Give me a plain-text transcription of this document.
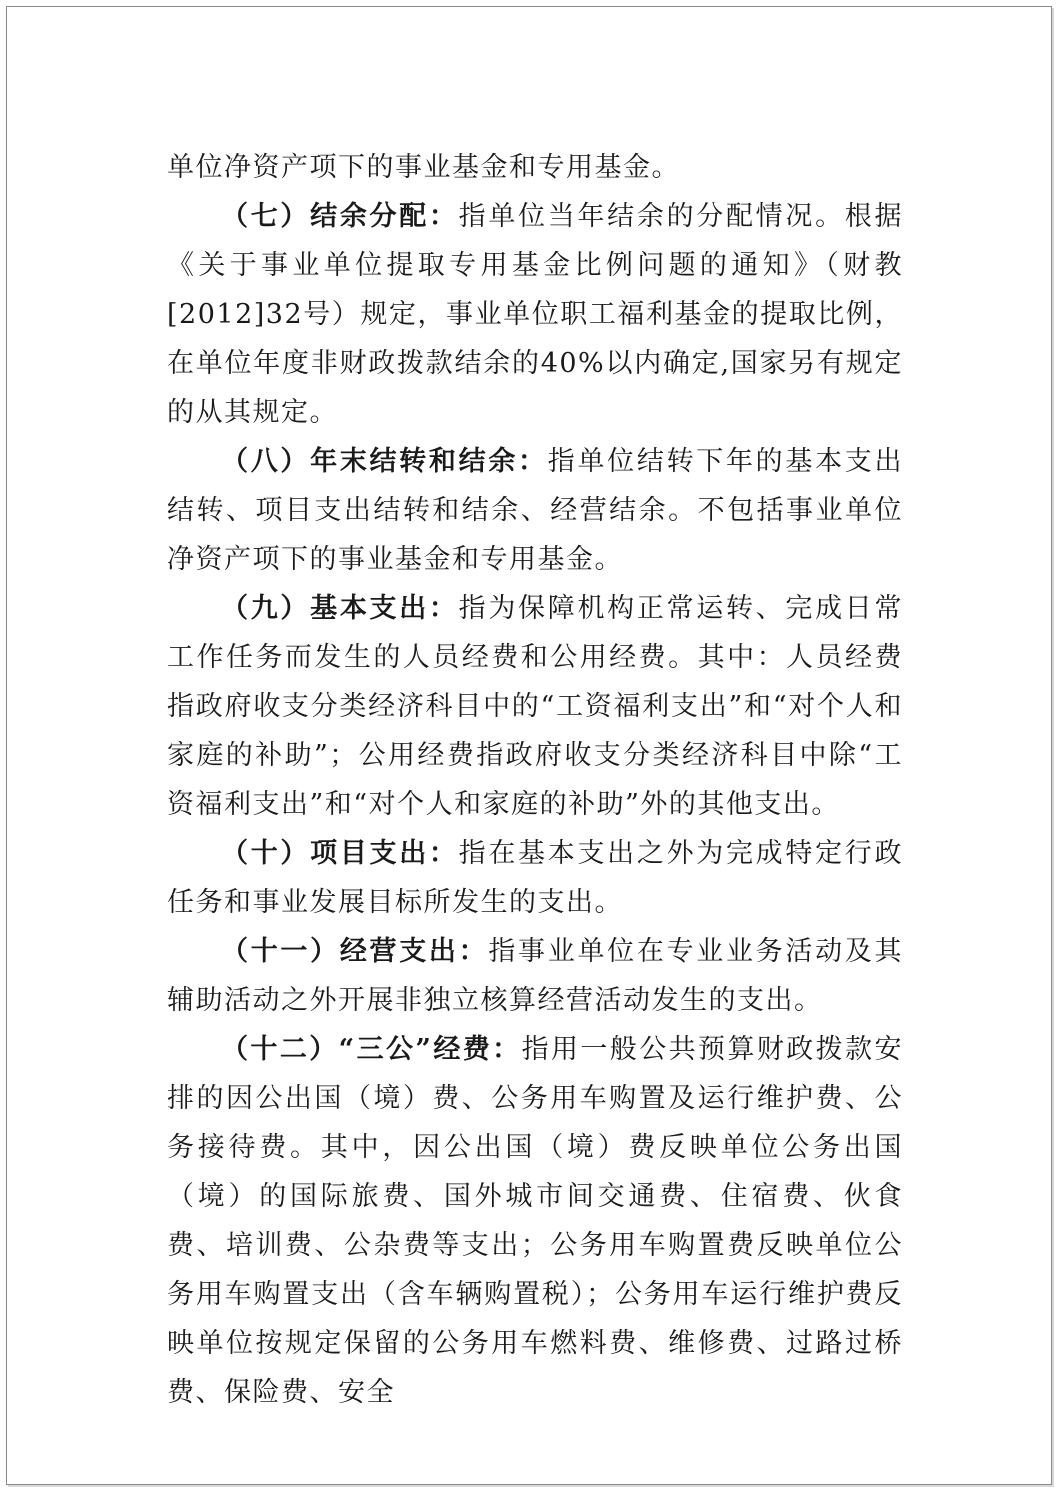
单位净资产项下的事业基金和专用基金。

（七）结余分配：指单位当年结余的分配情况。根据《关于事业单位提取专用基金比例问题的通知》（财教[2012]32号）规定，事业单位职工福利基金的提取比例，在单位年度非财政拨款结余的40%以内确定,国家另有规定的从其规定。

（八）年末结转和结余：指单位结转下年的基本支出结转、项目支出结转和结余、经营结余。不包括事业单位净资产项下的事业基金和专用基金。

（九）基本支出：指为保障机构正常运转、完成日常工作任务而发生的人员经费和公用经费。其中：人员经费指政府收支分类经济科目中的“工资福利支出”和“对个人和家庭的补助”；公用经费指政府收支分类经济科目中除“工资福利支出”和“对个人和家庭的补助”外的其他支出。

（十）项目支出：指在基本支出之外为完成特定行政任务和事业发展目标所发生的支出。

（十一）经营支出：指事业单位在专业业务活动及其辅助活动之外开展非独立核算经营活动发生的支出。

（十二）“三公”经费：指用一般公共预算财政拨款安排的因公出国（境）费、公务用车购置及运行维护费、公务接待费。其中，因公出国（境）费反映单位公务出国（境）的国际旅费、国外城市间交通费、住宿费、伙食费、培训费、公杂费等支出；公务用车购置费反映单位公务用车购置支出（含车辆购置税）；公务用车运行维护费反映单位按规定保留的公务用车燃料费、维修费、过路过桥费、保险费、安全
